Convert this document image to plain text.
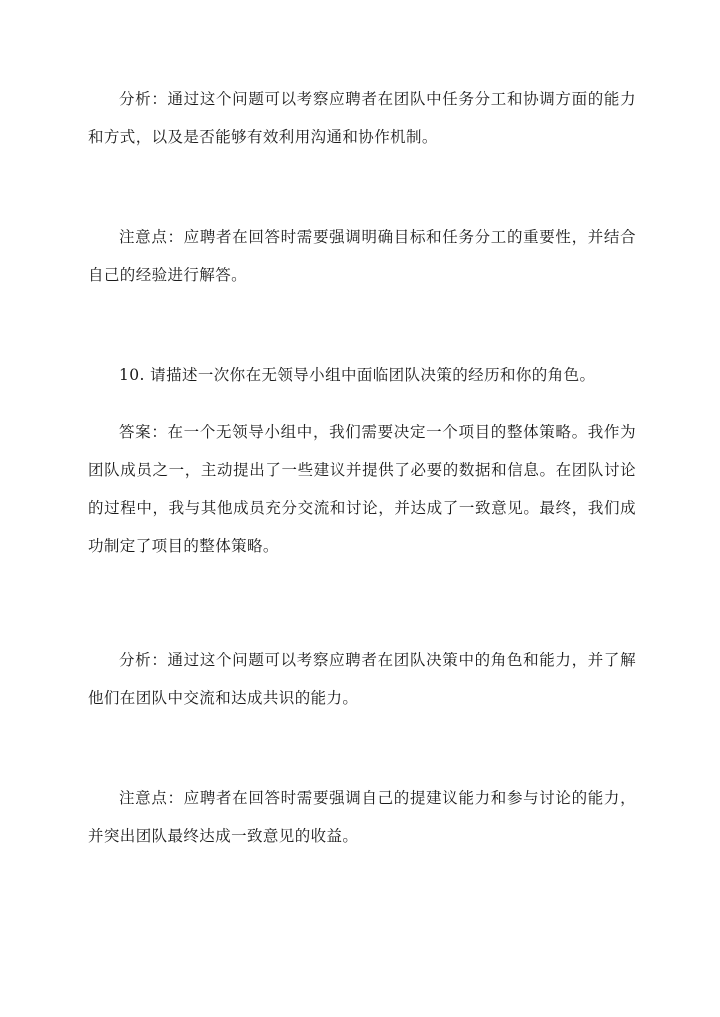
分析：通过这个问题可以考察应聘者在团队中任务分工和协调方面的能力和方式，以及是否能够有效利用沟通和协作机制。

注意点：应聘者在回答时需要强调明确目标和任务分工的重要性，并结合自己的经验进行解答。

10. 请描述一次你在无领导小组中面临团队决策的经历和你的角色。

答案：在一个无领导小组中，我们需要决定一个项目的整体策略。我作为团队成员之一，主动提出了一些建议并提供了必要的数据和信息。在团队讨论的过程中，我与其他成员充分交流和讨论，并达成了一致意见。最终，我们成功制定了项目的整体策略。

分析：通过这个问题可以考察应聘者在团队决策中的角色和能力，并了解他们在团队中交流和达成共识的能力。

注意点：应聘者在回答时需要强调自己的提建议能力和参与讨论的能力，并突出团队最终达成一致意见的收益。
